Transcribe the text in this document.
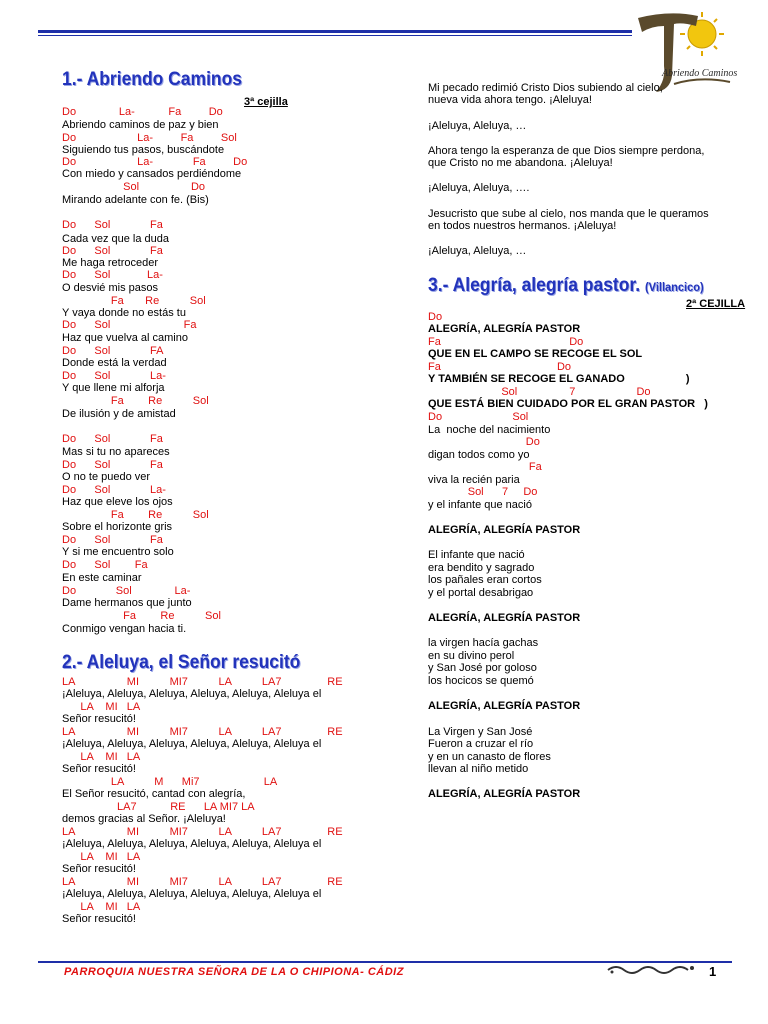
Abriendo Caminos
1.- Abriendo Caminos
3ª cejilla
2.- Aleluya, el Señor resucitó
Do              La-           Fa         Do
Abriendo caminos de paz y bien
Do                    La-         Fa         Sol
Siguiendo tus pasos, buscándote
Do                    La-             Fa         Do
Con miedo y cansados perdiéndome
Sol                 Do
Mirando adelante con fe. (Bis)
Do      Sol             Fa
Cada vez que la duda
Do      Sol             Fa
Me haga retroceder
Do      Sol            La-
O desvié mis pasos
Fa       Re          Sol
Y vaya donde no estás tu
Do      Sol                        Fa
Haz que vuelva al camino
Do      Sol             FA
Donde está la verdad
Do      Sol             La-
Y que llene mi alforja
Fa        Re          Sol
De ilusión y de amistad
Do      Sol             Fa
Mas si tu no apareces
Do      Sol             Fa
O no te puedo ver
Do      Sol             La-
Haz que eleve los ojos
Fa        Re          Sol
Sobre el horizonte gris
Do      Sol             Fa
Y si me encuentro solo
Do      Sol        Fa
En este caminar
Do             Sol              La-
Dame hermanos que junto
Fa        Re          Sol
Conmigo vengan hacia ti.
LA                 MI          MI7          LA          LA7               RE
¡Aleluya, Aleluya, Aleluya, Aleluya, Aleluya, Aleluya el
LA    MI   LA
Señor resucitó!
LA                 MI          MI7          LA          LA7               RE
¡Aleluya, Aleluya, Aleluya, Aleluya, Aleluya, Aleluya el
LA    MI   LA
Señor resucitó!
LA          M      Mi7                     LA
El Señor resucitó, cantad con alegría,
LA7           RE      LA MI7 LA
demos gracias al Señor. ¡Aleluya!
LA                 MI          MI7          LA          LA7               RE
¡Aleluya, Aleluya, Aleluya, Aleluya, Aleluya, Aleluya el
LA    MI   LA
Señor resucitó!
LA                 MI          MI7          LA          LA7               RE
¡Aleluya, Aleluya, Aleluya, Aleluya, Aleluya, Aleluya el
LA    MI   LA
Señor resucitó!
3.- Alegría, alegría pastor. (Villancico)
2ª CEJILLA
Mi pecado redimió Cristo Dios subiendo al cielo,
nueva vida ahora tengo. ¡Aleluya!
¡Aleluya, Aleluya, …
Ahora tengo la esperanza de que Dios siempre perdona,
que Cristo no me abandona. ¡Aleluya!
¡Aleluya, Aleluya, ….
Jesucristo que sube al cielo, nos manda que le queramos
en todos nuestros hermanos. ¡Aleluya!
¡Aleluya, Aleluya, …
Do
ALEGRÍA, ALEGRÍA PASTOR
Fa                                          Do
QUE EN EL CAMPO SE RECOGE EL SOL
Fa                                      Do
Y TAMBIÉN SE RECOGE EL GANADO                    )
Sol                 7                    Do
QUE ESTÁ BIEN CUIDADO POR EL GRAN PASTOR   )
Do                       Sol
La  noche del nacimiento
Do
digan todos como yo
Fa
viva la recién paria
Sol      7     Do
y el infante que nació
ALEGRÍA, ALEGRÍA PASTOR
El infante que nació
era bendito y sagrado
los pañales eran cortos
y el portal desabrigao
ALEGRÍA, ALEGRÍA PASTOR
la virgen hacía gachas
en su divino perol
y San José por goloso
los hocicos se quemó
ALEGRÍA, ALEGRÍA PASTOR
La Virgen y San José
Fueron a cruzar el río
y en un canasto de flores
llevan al niño metido
ALEGRÍA, ALEGRÍA PASTOR
PARROQUIA NUESTRA SEÑORA DE LA O CHIPIONA- CÁDIZ	1
